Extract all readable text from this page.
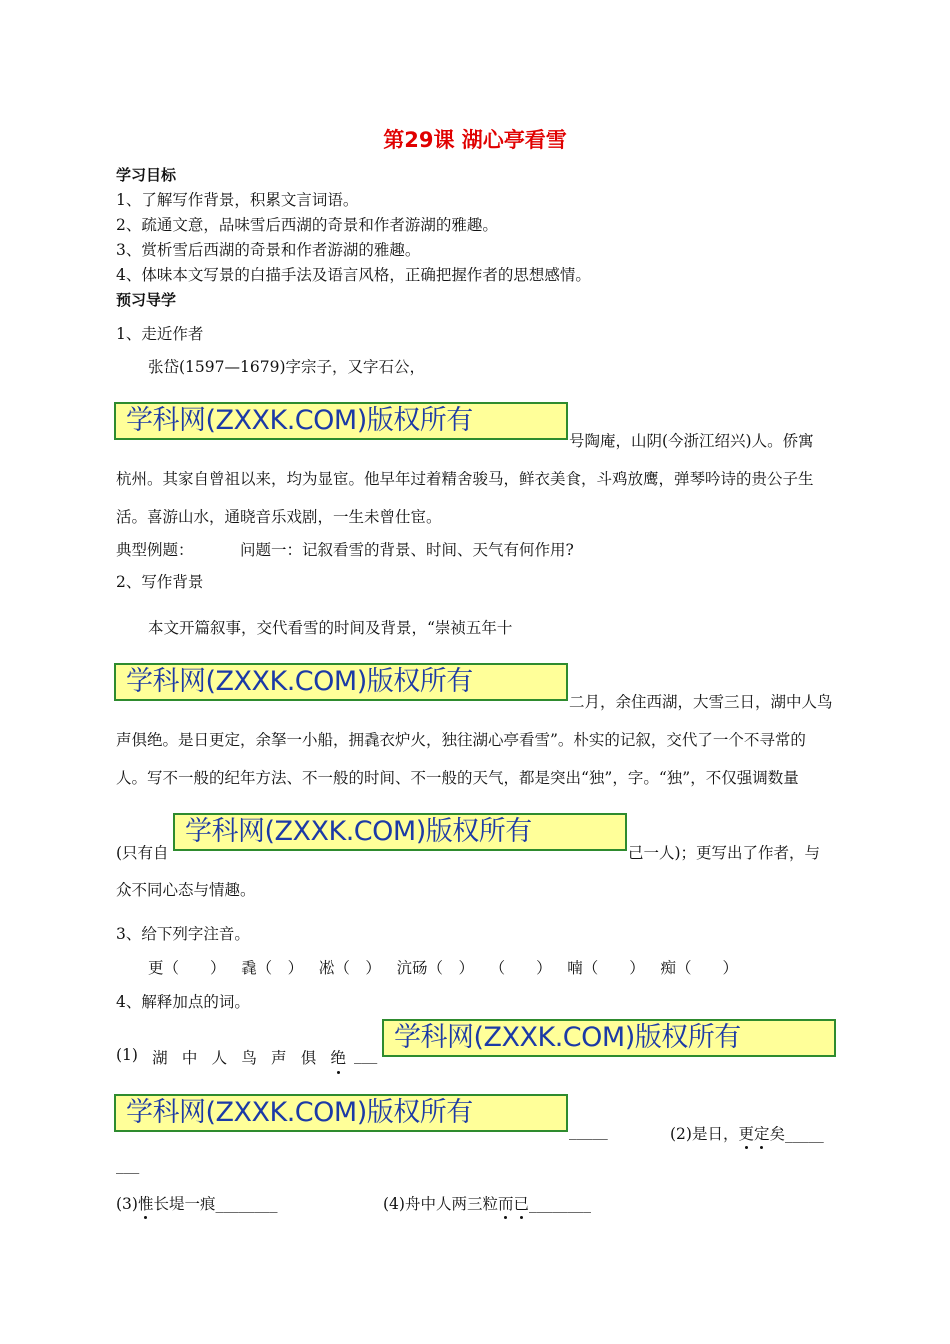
第29课 湖心亭看雪
学习目标
1、了解写作背景，积累文言词语。
2、疏通文意，品味雪后西湖的奇景和作者游湖的雅趣。
3、赏析雪后西湖的奇景和作者游湖的雅趣。
4、体味本文写景的白描手法及语言风格，正确把握作者的思想感情。
预习导学
1、走近作者
张岱(1597—1679)字宗子，又字石公，
学科网(ZXXK.COM)版权所有
号陶庵，山阴(今浙江绍兴)人。侨寓
杭州。其家自曾祖以来，均为显宦。他早年过着精舍骏马，鲜衣美食，斗鸡放鹰，弹琴吟诗的贵公子生
活。喜游山水，通晓音乐戏剧，一生未曾仕宦。
典型例题：	问题一：记叙看雪的背景、时间、天气有何作用?
2、写作背景
本文开篇叙事，交代看雪的时间及背景，“崇祯五年十
学科网(ZXXK.COM)版权所有
二月，余住西湖，大雪三日，湖中人鸟
声俱绝。是日更定，余拏一小船，拥毳衣炉火，独往湖心亭看雪”。朴实的记叙，交代了一个不寻常的
人。写不一般的纪年方法、不一般的时间、不一般的天气，都是突出“独”，字。“独”，不仅强调数量
(只有自
学科网(ZXXK.COM)版权所有
己一人)；更写出了作者，与
众不同心态与情趣。
3、给下列字注音。
更（　　） 毳（　） 凇（　） 沆砀（　） （　　） 喃（　　） 痴（　　）
4、解释加点的词。
(1) 湖 中 人 鸟 声 俱 绝 ___
学科网(ZXXK.COM)版权所有
学科网(ZXXK.COM)版权所有
_____	(2)是日，更定矣_____
___
(3)惟长堤一痕________	(4)舟中人两三粒而已________
